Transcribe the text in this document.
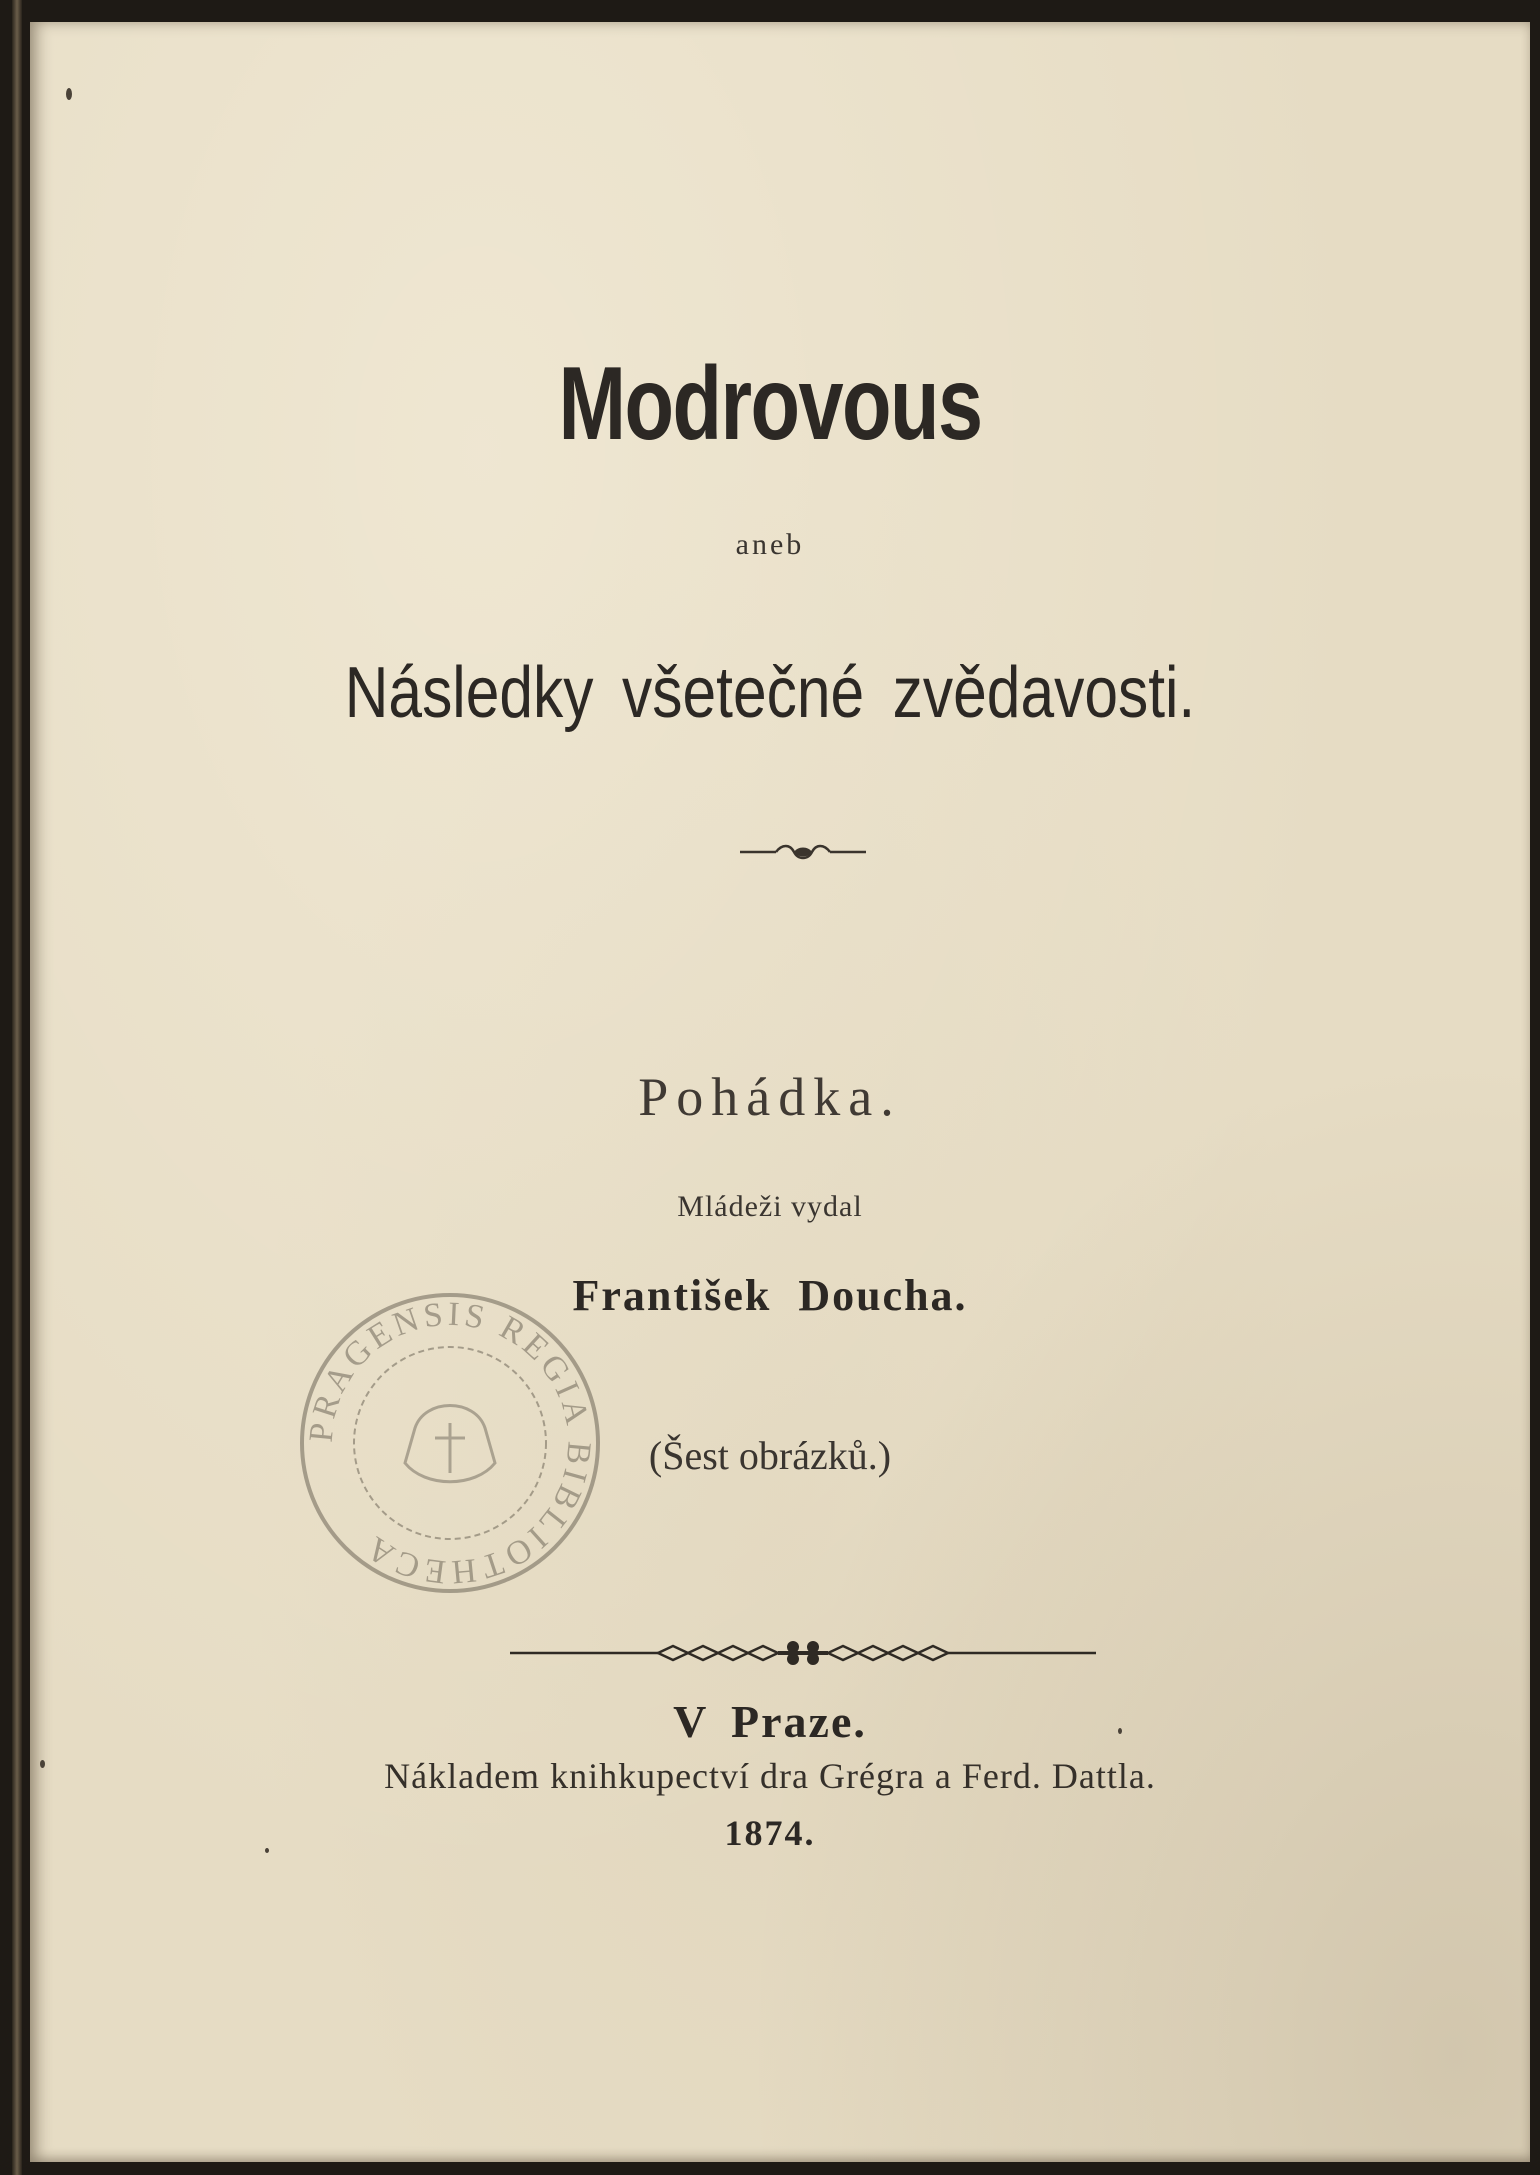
Modrovous
aneb
Následky všetečné zvědavosti.
Pohádka.
Mládeži vydal
František Doucha.
(Šest obrázků.)
PRAGENSIS REGIA BIBLIOTHECA
V Praze.
Nákladem knihkupectví dra Grégra a Ferd. Dattla.
1874.
